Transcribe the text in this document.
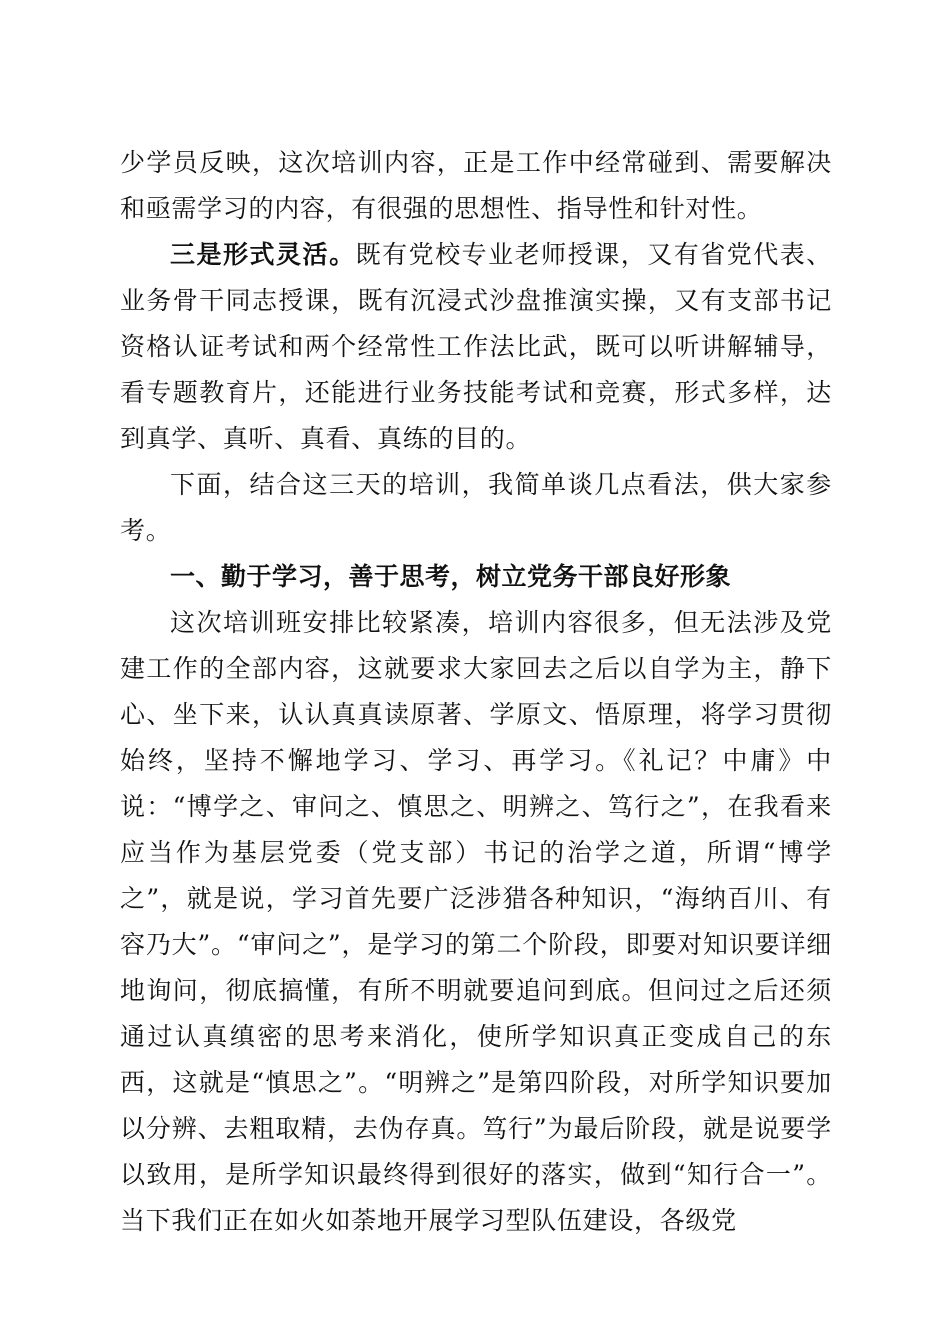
少学员反映，这次培训内容，正是工作中经常碰到、需要解决和亟需学习的内容，有很强的思想性、指导性和针对性。

三是形式灵活。既有党校专业老师授课，又有省党代表、业务骨干同志授课，既有沉浸式沙盘推演实操，又有支部书记资格认证考试和两个经常性工作法比武，既可以听讲解辅导，看专题教育片，还能进行业务技能考试和竞赛，形式多样，达到真学、真听、真看、真练的目的。

下面，结合这三天的培训，我简单谈几点看法，供大家参考。

一、勤于学习，善于思考，树立党务干部良好形象

这次培训班安排比较紧凑，培训内容很多，但无法涉及党建工作的全部内容，这就要求大家回去之后以自学为主，静下心、坐下来，认认真真读原著、学原文、悟原理，将学习贯彻始终，坚持不懈地学习、学习、再学习。《礼记？中庸》中说：“博学之、审问之、慎思之、明辨之、笃行之”，在我看来应当作为基层党委（党支部）书记的治学之道，所谓“博学之”，就是说，学习首先要广泛涉猎各种知识，“海纳百川、有容乃大”。“审问之”，是学习的第二个阶段，即要对知识要详细地询问，彻底搞懂，有所不明就要追问到底。但问过之后还须通过认真缜密的思考来消化，使所学知识真正变成自己的东西，这就是“慎思之”。“明辨之”是第四阶段，对所学知识要加以分辨、去粗取精，去伪存真。笃行”为最后阶段，就是说要学以致用，是所学知识最终得到很好的落实，做到“知行合一”。当下我们正在如火如荼地开展学习型队伍建设，各级党
